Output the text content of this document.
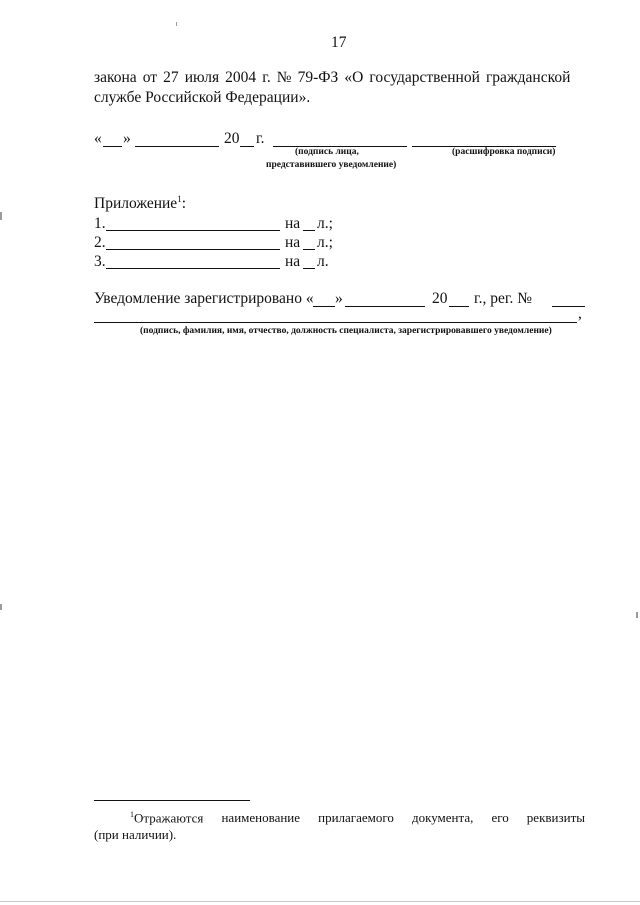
17
закона от 27 июля 2004 г. № 79-ФЗ «О государственной гражданской
службе Российской Федерации».
« »	20 г.
(подпись лица,
представившего уведомление)
(расшифровка подписи)
Приложение$^1$:
1.	на л.;
2.	на л.;
3.	на л.
Уведомление зарегистрировано « »	20 г., рег. №
,
(подпись, фамилия, имя, отчество, должность специалиста, зарегистрировавшего уведомление)
$^1$Отражаются наименование прилагаемого документа, его реквизиты
(при наличии).
